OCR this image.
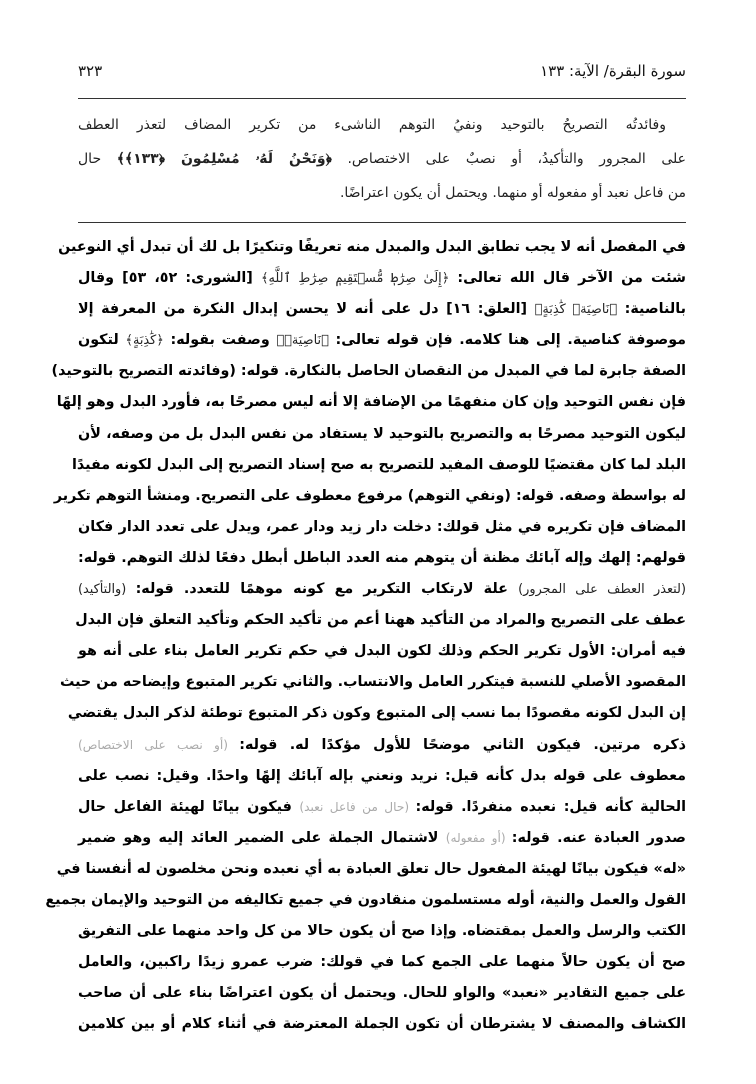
سورة البقرة/ الآية: ١٣٣
٣٢٣
وفائدتُه التصريحُ بالتوحيد ونفيُ التوهم الناشىء من تكرير المضاف لتعذر العطف
على المجرور والتأكيدُ، أو نصبٌ على الاختصاص. ﴿وَنَحْنُ لَهُۥ مُسْلِمُونَ ﴿١٣٣﴾﴾ حال
من فاعل نعبد أو مفعوله أو منهما. ويحتمل أن يكون اعتراضًا.
في المفصل أنه لا يجب تطابق البدل والمبدل منه تعريفًا وتنكيرًا بل لك أن تبدل أي النوعين
شئت من الآخر قال الله تعالى: ﴿إِلَىٰ صِرَٰطٖ مُّسۡتَقِيمٖ صِرَٰطِ ٱللَّهِ﴾ [الشورى: ٥٢، ٥٣] وقال
بالناصية: ﴿نَاصِيَةٖ كَٰذِبَةٍ﴾ [العلق: ١٦] دل على أنه لا يحسن إبدال النكرة من المعرفة إلا
موصوفة كناصية. إلى هنا كلامه. فإن قوله تعالى: ﴿نَاصِيَةٖ﴾ وصفت بقوله: ﴿كَٰذِبَةٍ﴾ لتكون
الصفة جابرة لما في المبدل من النقصان الحاصل بالنكارة. قوله: (وفائدته التصريح بالتوحيد)
فإن نفس التوحيد وإن كان منفهمًا من الإضافة إلا أنه ليس مصرحًا به، فأورد البدل وهو إلهًا
ليكون التوحيد مصرحًا به والتصريح بالتوحيد لا يستفاد من نفس البدل بل من وصفه، لأن
البلد لما كان مقتضيًا للوصف المفيد للتصريح به صح إسناد التصريح إلى البدل لكونه مفيدًا
له بواسطة وصفه. قوله: (ونفي التوهم) مرفوع معطوف على التصريح. ومنشأ التوهم تكرير
المضاف فإن تكريره في مثل قولك: دخلت دار زيد ودار عمر، ويدل على تعدد الدار فكان
قولهم: إلهك وإله آبائك مظنة أن يتوهم منه العدد الباطل أبطل دفعًا لذلك التوهم. قوله:
(لتعذر العطف على المجرور) علة لارتكاب التكرير مع كونه موهمًا للتعدد. قوله: (والتأكيد)
عطف على التصريح والمراد من التأكيد ههنا أعم من تأكيد الحكم وتأكيد التعلق فإن البدل
فيه أمران: الأول تكرير الحكم وذلك لكون البدل في حكم تكرير العامل بناء على أنه هو
المقصود الأصلي للنسبة فيتكرر العامل والانتساب. والثاني تكرير المتبوع وإيضاحه من حيث
إن البدل لكونه مقصودًا بما نسب إلى المتبوع وكون ذكر المتبوع توطئة لذكر البدل يقتضي
ذكره مرتين. فيكون الثاني موضحًا للأول مؤكدًا له. قوله: (أو نصب على الاختصاص)
معطوف على قوله بدل كأنه قيل: نريد ونعني بإله آبائك إلهًا واحدًا. وقيل: نصب على
الحالية كأنه قيل: نعبده منفردًا. قوله: (حال من فاعل نعبد) فيكون بيانًا لهيئة الفاعل حال
صدور العبادة عنه. قوله: (أو مفعوله) لاشتمال الجملة على الضمير العائد إليه وهو ضمير
«له» فيكون بيانًا لهيئة المفعول حال تعلق العبادة به أي نعبده ونحن مخلصون له أنفسنا في
القول والعمل والنية، أوله مستسلمون منقادون في جميع تكاليفه من التوحيد والإيمان بجميع
الكتب والرسل والعمل بمقتضاه. وإذا صح أن يكون حالا من كل واحد منهما على التفريق
صح أن يكون حالاً منهما على الجمع كما في قولك: ضرب عمرو زيدًا راكبين، والعامل
على جميع التقادير «نعبد» والواو للحال. ويحتمل أن يكون اعتراضًا بناء على أن صاحب
الكشاف والمصنف لا يشترطان أن تكون الجملة المعترضة في أثناء كلام أو بين كلامين
